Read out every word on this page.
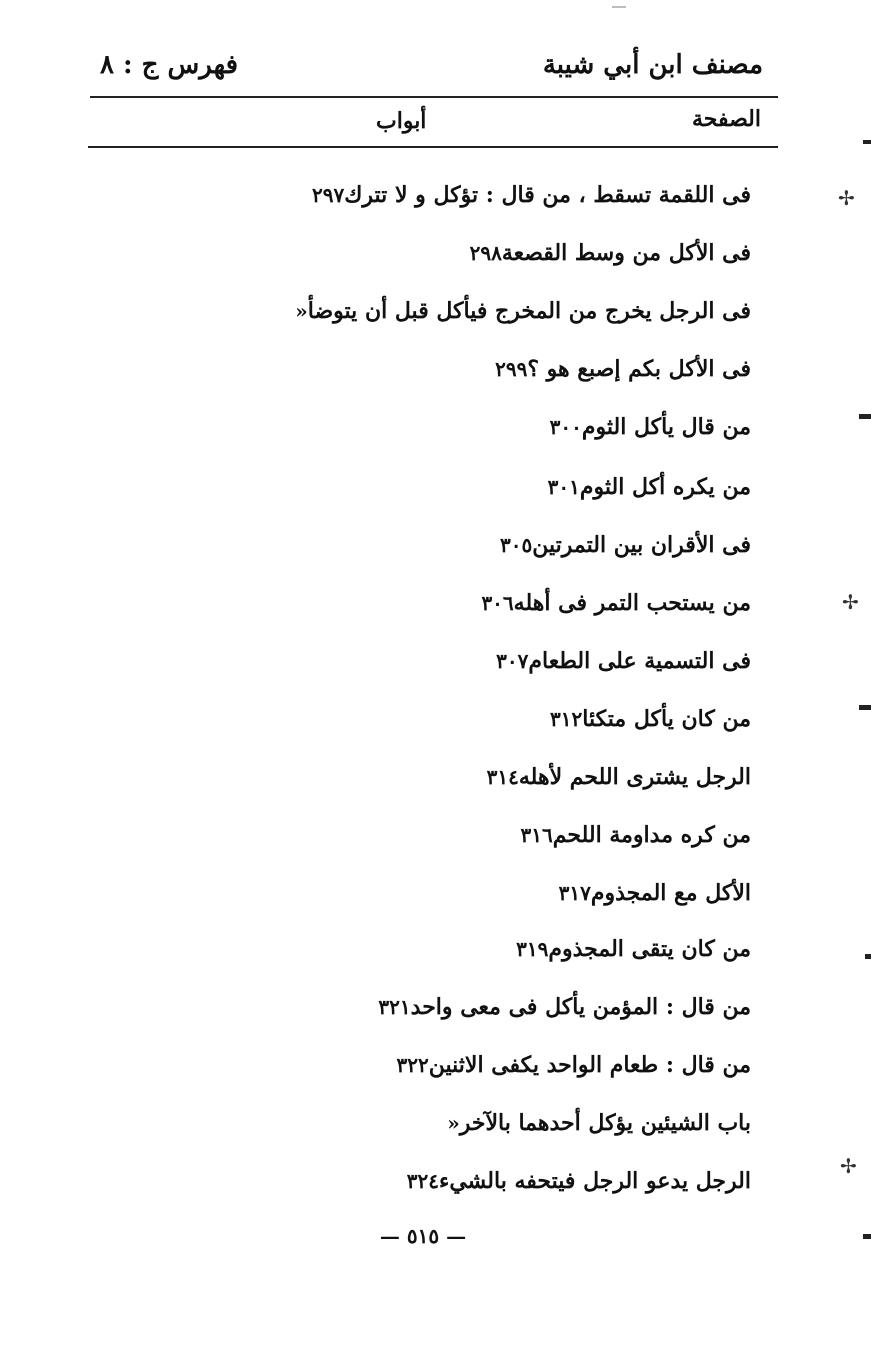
مصنف ابن أبي شيبة
فهرس ج : ٨
الصفحة
أبواب
٢٩٧ فى اللقمة تسقط ، من قال : تؤكل و لا تترك
٢٩٨ فى الأكل من وسط القصعة
« فى الرجل يخرج من المخرج فيأكل قبل أن يتوضأ
٢٩٩ فى الأكل بكم إصبع هو ؟
٣٠٠ من قال يأكل الثوم
٣٠١ من يكره أكل الثوم
٣٠٥ فى الأقران بين التمرتين
٣٠٦ من يستحب التمر فى أهله
٣٠٧ فى التسمية على الطعام
٣١٢ من كان يأكل متكئا
٣١٤ الرجل يشترى اللحم لأهله
٣١٦ من كره مداومة اللحم
٣١٧ الأكل مع المجذوم
٣١٩ من كان يتقى المجذوم
٣٢١ من قال : المؤمن يأكل فى معى واحد
٣٢٢ من قال : طعام الواحد يكفى الاثنين
« باب الشيئين يؤكل أحدهما بالآخر
٣٢٤ الرجل يدعو الرجل فيتحفه بالشيء
— ٥١٥ —
✢
✢
✢
